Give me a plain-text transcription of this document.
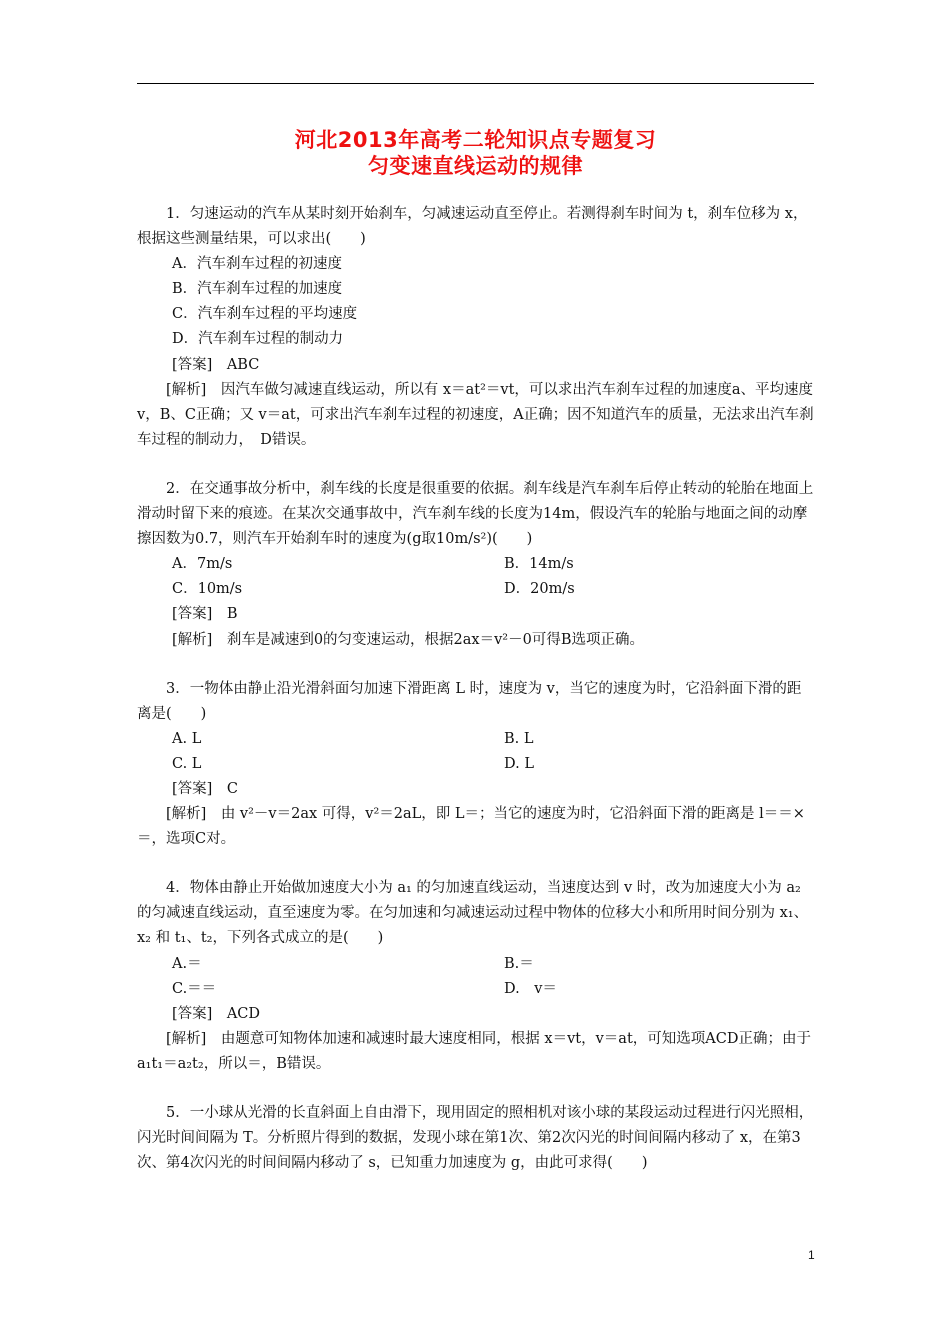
河北2013年高考二轮知识点专题复习
匀变速直线运动的规律

1．匀速运动的汽车从某时刻开始刹车，匀减速运动直至停止。若测得刹车时间为 t，刹车位移为 x，根据这些测量结果，可以求出(　　)

A．汽车刹车过程的初速度

B．汽车刹车过程的加速度

C．汽车刹车过程的平均速度

D．汽车刹车过程的制动力

[答案]　ABC

[解析]　因汽车做匀减速直线运动，所以有 x＝at²＝vt，可以求出汽车刹车过程的加速度a、平均速度 v，B、C正确；又 v＝at，可求出汽车刹车过程的初速度，A正确；因不知道汽车的质量，无法求出汽车刹车过程的制动力，　D错误。

2．在交通事故分析中，刹车线的长度是很重要的依据。刹车线是汽车刹车后停止转动的轮胎在地面上滑动时留下来的痕迹。在某次交通事故中，汽车刹车线的长度为14m，假设汽车的轮胎与地面之间的动摩擦因数为0.7，则汽车开始刹车时的速度为(g取10m/s²)(　　)

A．7m/s	B．14m/s
C．10m/s	D．20m/s

[答案]　B

[解析]　刹车是减速到0的匀变速运动，根据2ax＝v²－0可得B选项正确。

3．一物体由静止沿光滑斜面匀加速下滑距离 L 时，速度为 v，当它的速度为时，它沿斜面下滑的距离是(　　)

A. L	B. L
C. L	D. L

[答案]　C

[解析]　由 v²－v＝2ax 可得，v²＝2aL，即 L＝；当它的速度为时，它沿斜面下滑的距离是 l＝＝×＝，选项C对。

4．物体由静止开始做加速度大小为 a₁ 的匀加速直线运动，当速度达到 v 时，改为加速度大小为 a₂ 的匀减速直线运动，直至速度为零。在匀加速和匀减速运动过程中物体的位移大小和所用时间分别为 x₁、x₂ 和 t₁、t₂，下列各式成立的是(　　)

A.＝	B.＝
C.＝＝	D.　v＝

[答案]　ACD

[解析]　由题意可知物体加速和减速时最大速度相同，根据 x＝vt，v＝at，可知选项ACD正确；由于 a₁t₁＝a₂t₂，所以＝，B错误。

5．一小球从光滑的长直斜面上自由滑下，现用固定的照相机对该小球的某段运动过程进行闪光照相，闪光时间间隔为 T。分析照片得到的数据，发现小球在第1次、第2次闪光的时间间隔内移动了 x，在第3次、第4次闪光的时间间隔内移动了 s，已知重力加速度为 g，由此可求得(　　)

1
